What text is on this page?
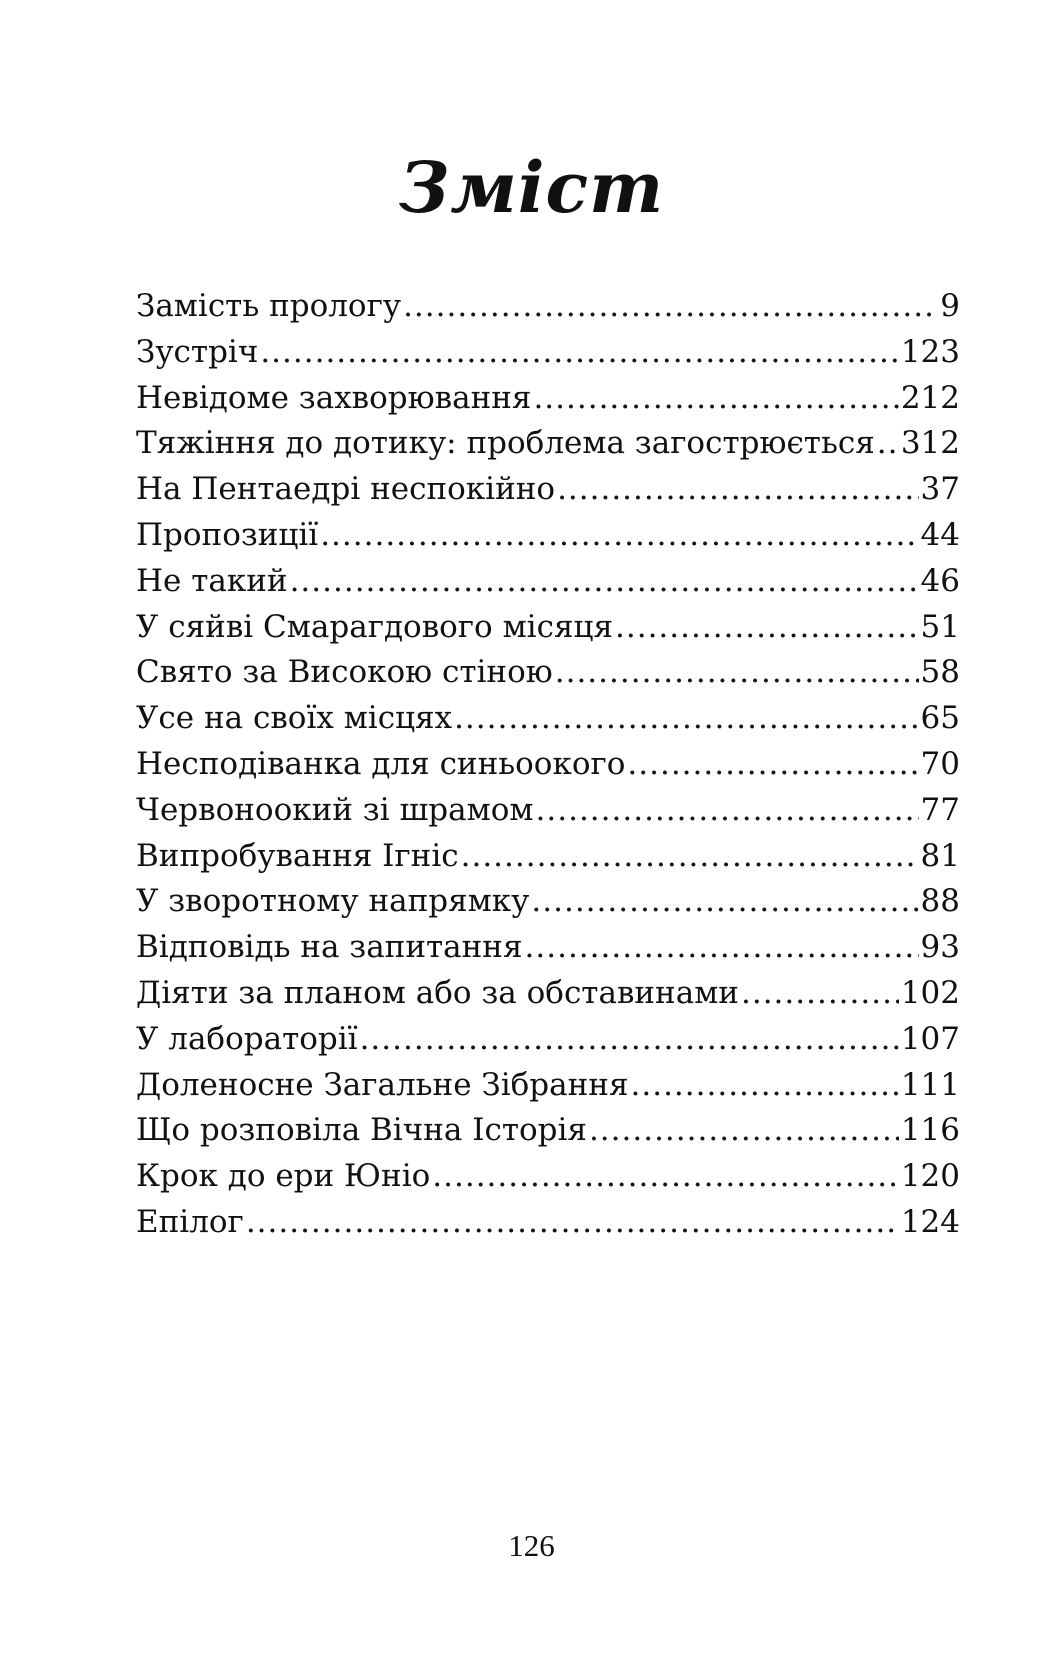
Зміст
Замість прологу .....	9
Зустріч .....	123
Невідоме захворювання .....	212
Тяжіння до дотику: проблема загострюється ..... 312
На Пентаедрі неспокійно .....	37
Пропозиції .....	44
Не такий .....	46
У сяйві Смарагдового місяця .....	51
Свято за Високою стіною .....	58
Усе на своїх місцях .....	65
Несподіванка для синьоокого .....	70
Червоноокий зі шрамом .....	77
Випробування Ігніс .....	81
У зворотному напрямку .....	88
Відповідь на запитання .....	93
Діяти за планом або за обставинами .....	102
У лабораторії .....	107
Доленосне Загальне Зібрання .....	111
Що розповіла Вічна Історія .....	116
Крок до ери Юніо .....	120
Епілог .....	124

126
